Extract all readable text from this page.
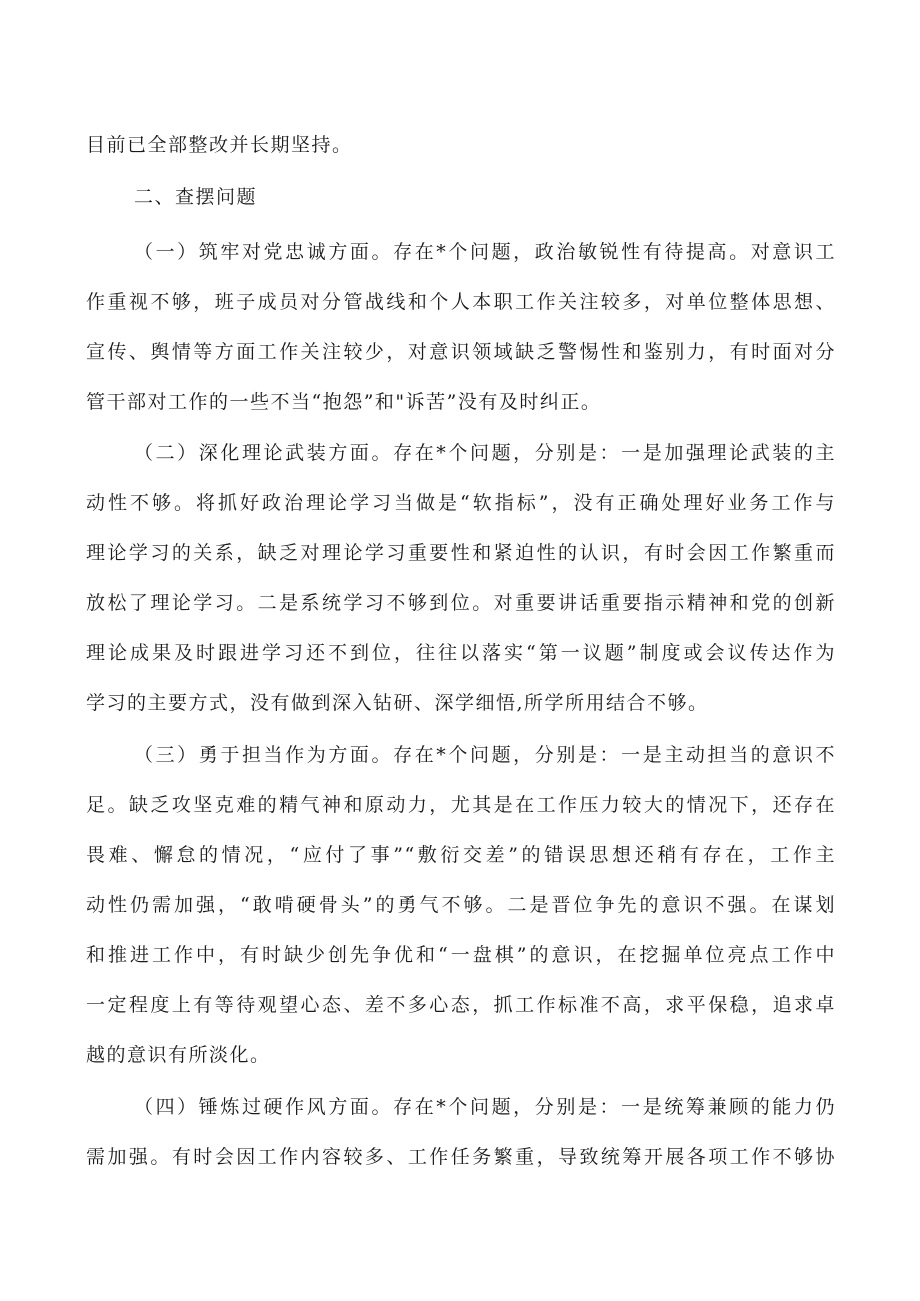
目前已全部整改并长期坚持。
二、查摆问题
（一）筑牢对党忠诚方面。存在*个问题，政治敏锐性有待提高。对意识工
作重视不够，班子成员对分管战线和个人本职工作关注较多，对单位整体思想、
宣传、舆情等方面工作关注较少，对意识领域缺乏警惕性和鉴别力，有时面对分
管干部对工作的一些不当“抱怨”和"诉苦”没有及时纠正。
（二）深化理论武装方面。存在*个问题，分别是：一是加强理论武装的主
动性不够。将抓好政治理论学习当做是“软指标”，没有正确处理好业务工作与
理论学习的关系，缺乏对理论学习重要性和紧迫性的认识，有时会因工作繁重而
放松了理论学习。二是系统学习不够到位。对重要讲话重要指示精神和党的创新
理论成果及时跟进学习还不到位，往往以落实“第一议题”制度或会议传达作为
学习的主要方式，没有做到深入钻研、深学细悟,所学所用结合不够。
（三）勇于担当作为方面。存在*个问题，分别是：一是主动担当的意识不
足。缺乏攻坚克难的精气神和原动力，尤其是在工作压力较大的情况下，还存在
畏难、懈怠的情况，“应付了事”“敷衍交差”的错误思想还稍有存在，工作主
动性仍需加强，“敢啃硬骨头”的勇气不够。二是晋位争先的意识不强。在谋划
和推进工作中，有时缺少创先争优和“一盘棋”的意识，在挖掘单位亮点工作中
一定程度上有等待观望心态、差不多心态，抓工作标准不高，求平保稳，追求卓
越的意识有所淡化。
（四）锤炼过硬作风方面。存在*个问题，分别是：一是统筹兼顾的能力仍
需加强。有时会因工作内容较多、工作任务繁重，导致统筹开展各项工作不够协
